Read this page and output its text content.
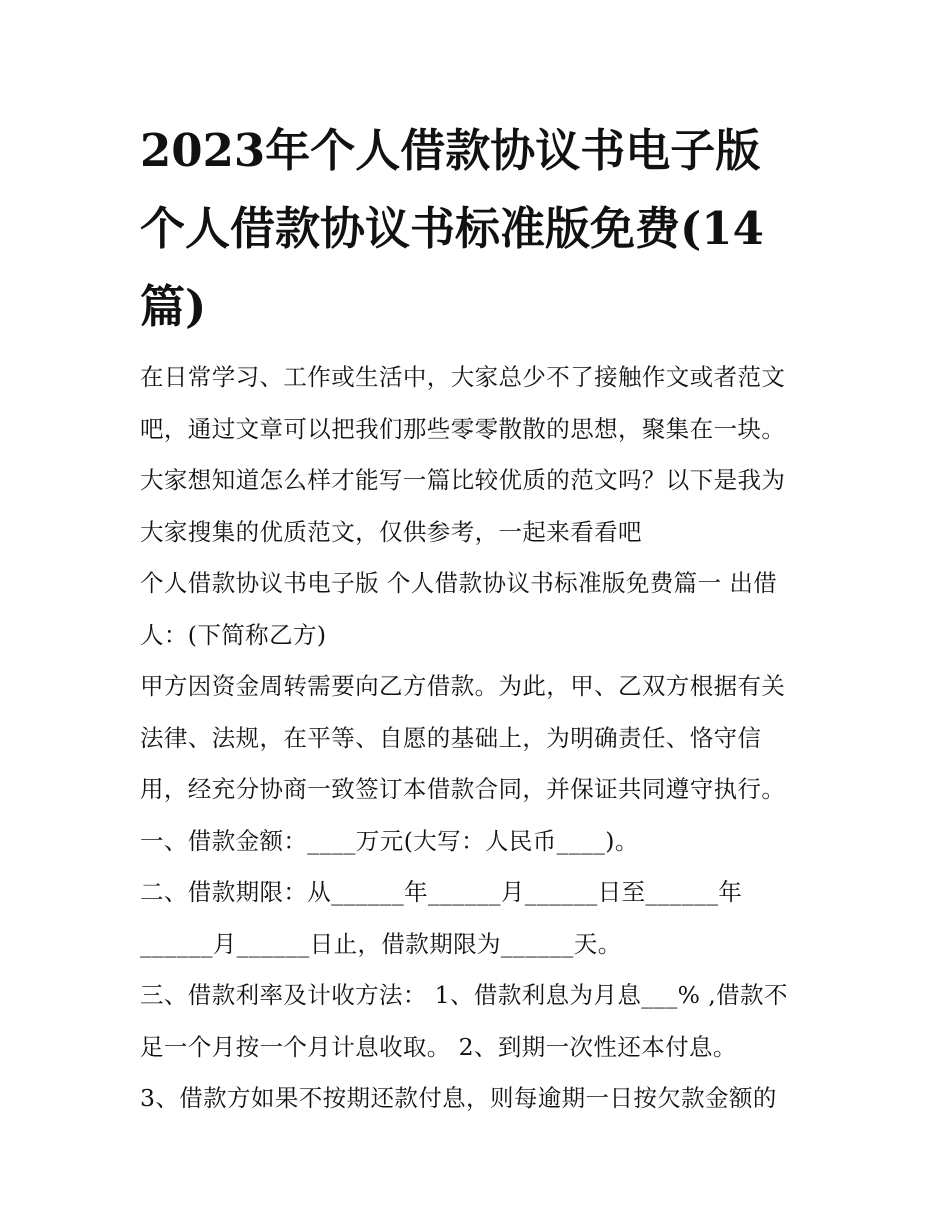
2023年个人借款协议书电子版
个人借款协议书标准版免费(14
篇)
在日常学习、工作或生活中，大家总少不了接触作文或者范文
吧，通过文章可以把我们那些零零散散的思想，聚集在一块。
大家想知道怎么样才能写一篇比较优质的范文吗？以下是我为
大家搜集的优质范文，仅供参考，一起来看看吧
个人借款协议书电子版 个人借款协议书标准版免费篇一 出借
人：(下简称乙方)
甲方因资金周转需要向乙方借款。为此，甲、乙双方根据有关
法律、法规，在平等、自愿的基础上，为明确责任、恪守信
用，经充分协商一致签订本借款合同，并保证共同遵守执行。
一、借款金额：____万元(大写：人民币____)。
二、借款期限：从______年______月______日至______年
______月______日止，借款期限为______天。
三、借款利率及计收方法： 1、借款利息为月息___% ,借款不
足一个月按一个月计息收取。 2、到期一次性还本付息。
3、借款方如果不按期还款付息，则每逾期一日按欠款金额的
